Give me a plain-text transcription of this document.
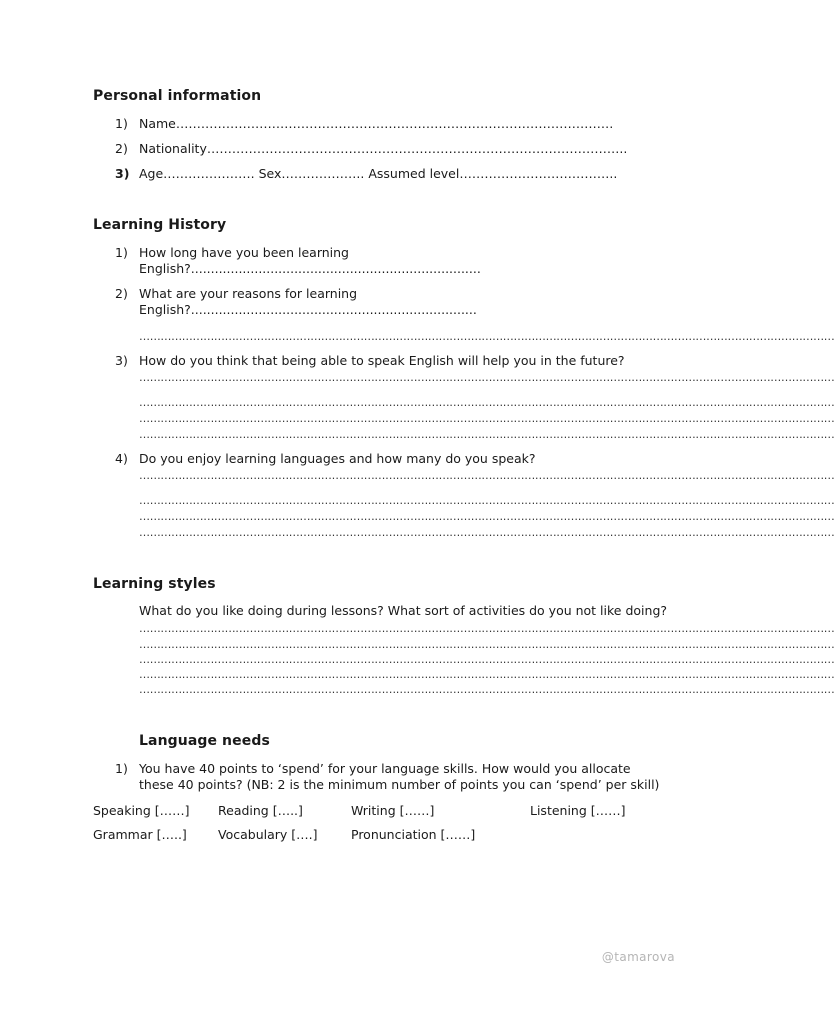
Personal information
1) Name……………………………………………………………………………………………
2) Nationality………………………………………………………………………………………..
3) Age…………………. Sex……………….. Assumed level………………………………..
Learning History
1) How long have you been learning
English?.........................................................................
2) What are your reasons for learning
English?........................................................................
……………………………………………………………………………………………………………………………………………………………………………
3) How do you think that being able to speak English will help you in the future?
……………………………………………………………………………………………………………………………………………………………………………
……………………………………………………………………………………………………………………………………………………………………………
……………………………………………………………………………………………………………………………………………………………………………
……………………………………………………………………………………………………………………………………………………………………………
4) Do you enjoy learning languages and how many do you speak?
……………………………………………………………………………………………………………………………………………………………………………
……………………………………………………………………………………………………………………………………………………………………………
……………………………………………………………………………………………………………………………………………………………………………
……………………………………………………………………………………………………………………………………………………………………………
Learning styles
What do you like doing during lessons? What sort of activities do you not like doing?
……………………………………………………………………………………………………………………………………………………………………………
……………………………………………………………………………………………………………………………………………………………………………
……………………………………………………………………………………………………………………………………………………………………………
……………………………………………………………………………………………………………………………………………………………………………
……………………………………………………………………………………………………………………………………………………………………………
Language needs
1) You have 40 points to ‘spend’ for your language skills. How would you allocate
these 40 points? (NB: 2 is the minimum number of points you can ‘spend’ per skill)
Speaking [……] Reading […..]	Writing [……]	Listening [……]
Grammar […..] Vocabulary [….]	Pronunciation [……]
@tamarova
